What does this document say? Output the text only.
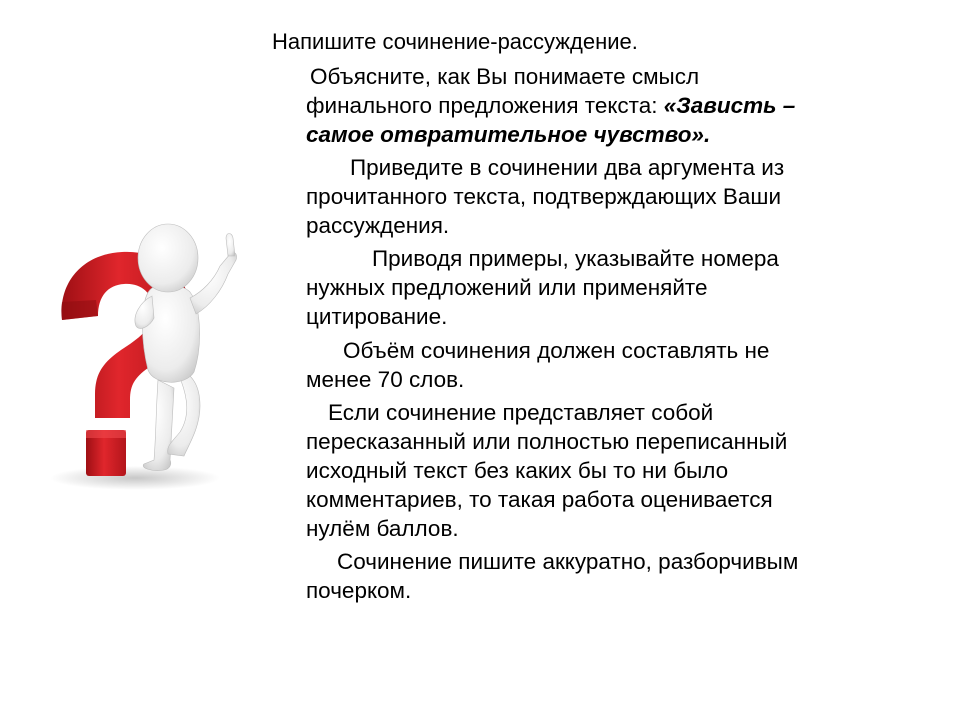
Напишите сочинение-рассуждение.

Объясните, как Вы понимаете смысл

финального предложения текста: «Зависть –

самое отвратительное чувство».

Приведите в сочинении два аргумента из

прочитанного текста, подтверждающих Ваши

рассуждения.

Приводя примеры, указывайте номера

нужных предложений или применяйте

цитирование.

Объём сочинения должен составлять не

менее 70 слов.

Если сочинение представляет собой

пересказанный или полностью переписанный

исходный текст без каких бы то ни было

комментариев, то такая работа оценивается

нулём баллов.

Сочинение пишите аккуратно, разборчивым

почерком.
